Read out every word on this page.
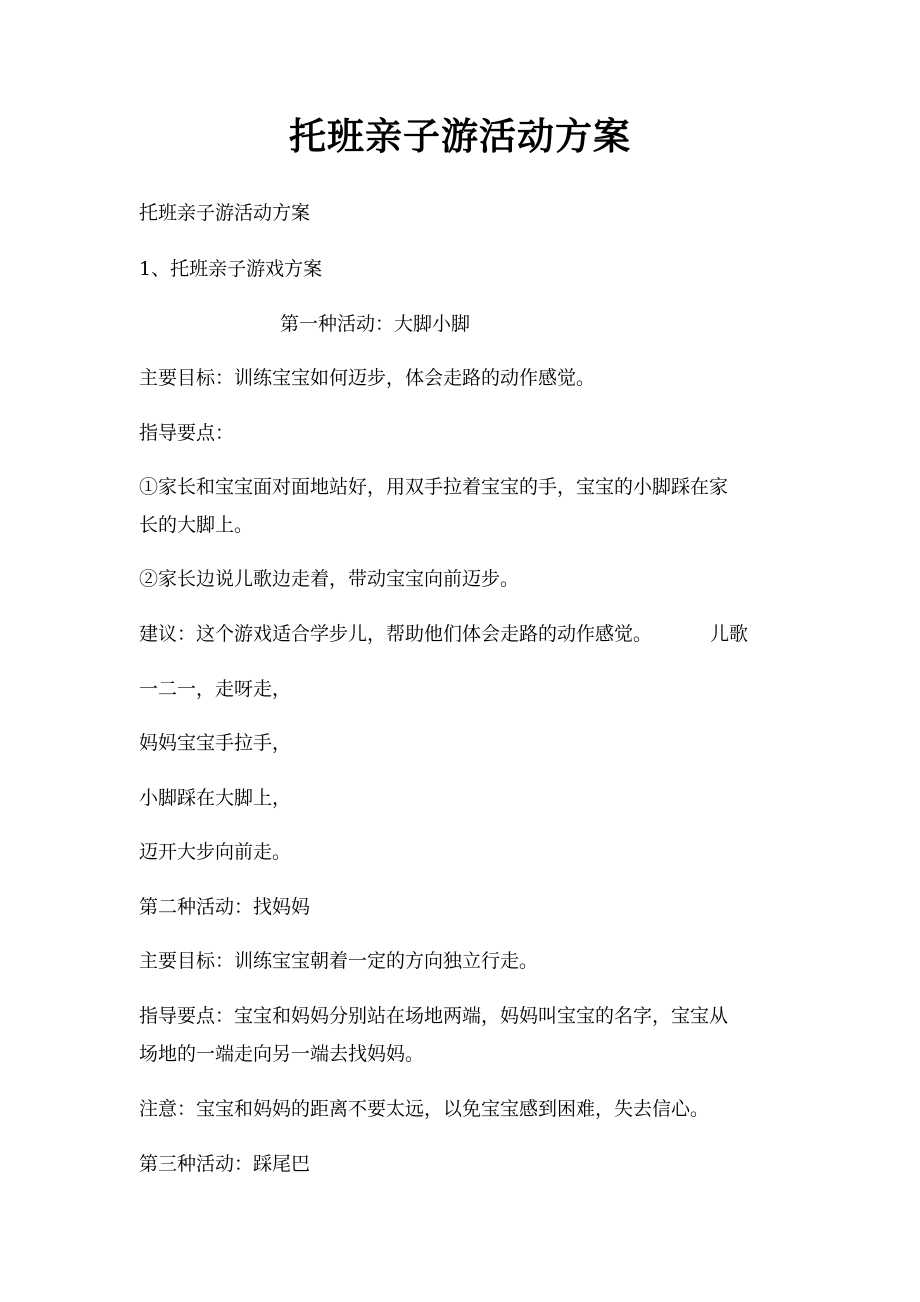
托班亲子游活动方案
托班亲子游活动方案
1、托班亲子游戏方案
第一种活动：大脚小脚
主要目标：训练宝宝如何迈步，体会走路的动作感觉。
指导要点：
①家长和宝宝面对面地站好，用双手拉着宝宝的手，宝宝的小脚踩在家
长的大脚上。
②家长边说儿歌边走着，带动宝宝向前迈步。
建议：这个游戏适合学步儿，帮助他们体会走路的动作感觉。	儿歌
一二一，走呀走，
妈妈宝宝手拉手，
小脚踩在大脚上，
迈开大步向前走。
第二种活动：找妈妈
主要目标：训练宝宝朝着一定的方向独立行走。
指导要点：宝宝和妈妈分别站在场地两端，妈妈叫宝宝的名字，宝宝从
场地的一端走向另一端去找妈妈。
注意：宝宝和妈妈的距离不要太远，以免宝宝感到困难，失去信心。
第三种活动：踩尾巴
